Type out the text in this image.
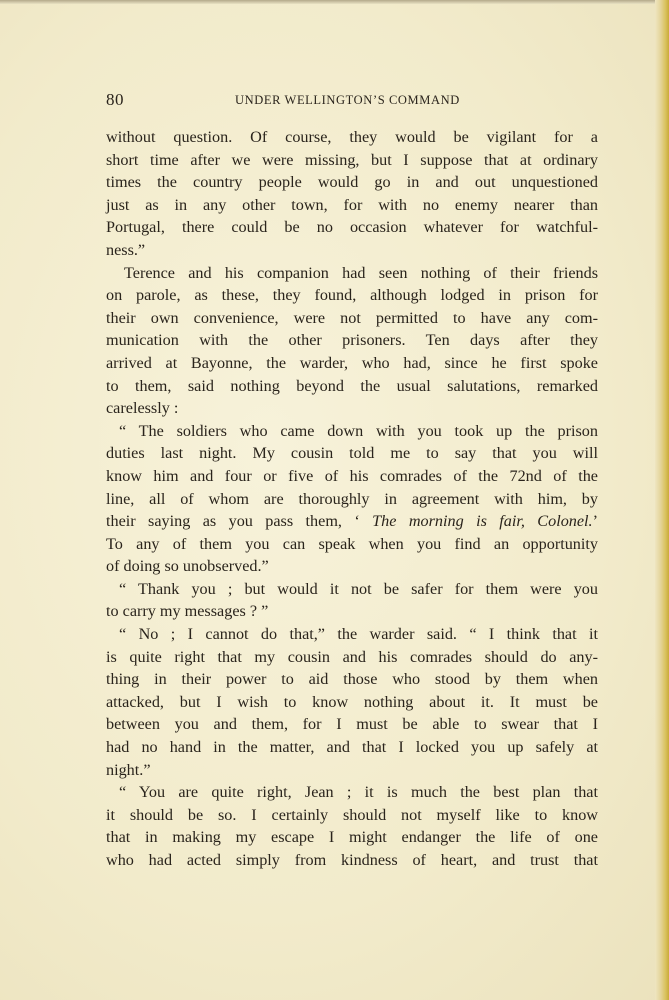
80	UNDER WELLINGTON’S COMMAND
without question. Of course, they would be vigilant for a
short time after we were missing, but I suppose that at ordinary
times the country people would go in and out unquestioned
just as in any other town, for with no enemy nearer than
Portugal, there could be no occasion whatever for watchful-
ness.”
Terence and his companion had seen nothing of their friends
on parole, as these, they found, although lodged in prison for
their own convenience, were not permitted to have any com-
munication with the other prisoners. Ten days after they
arrived at Bayonne, the warder, who had, since he first spoke
to them, said nothing beyond the usual salutations, remarked
carelessly :
“ The soldiers who came down with you took up the prison
duties last night. My cousin told me to say that you will
know him and four or five of his comrades of the 72nd of the
line, all of whom are thoroughly in agreement with him, by
their saying as you pass them, ‘ The morning is fair, Colonel.’
To any of them you can speak when you find an opportunity
of doing so unobserved.”
“ Thank you ; but would it not be safer for them were you
to carry my messages ? ”
“ No ; I cannot do that,” the warder said. “ I think that it
is quite right that my cousin and his comrades should do any-
thing in their power to aid those who stood by them when
attacked, but I wish to know nothing about it. It must be
between you and them, for I must be able to swear that I
had no hand in the matter, and that I locked you up safely at
night.”
“ You are quite right, Jean ; it is much the best plan that
it should be so. I certainly should not myself like to know
that in making my escape I might endanger the life of one
who had acted simply from kindness of heart, and trust that
